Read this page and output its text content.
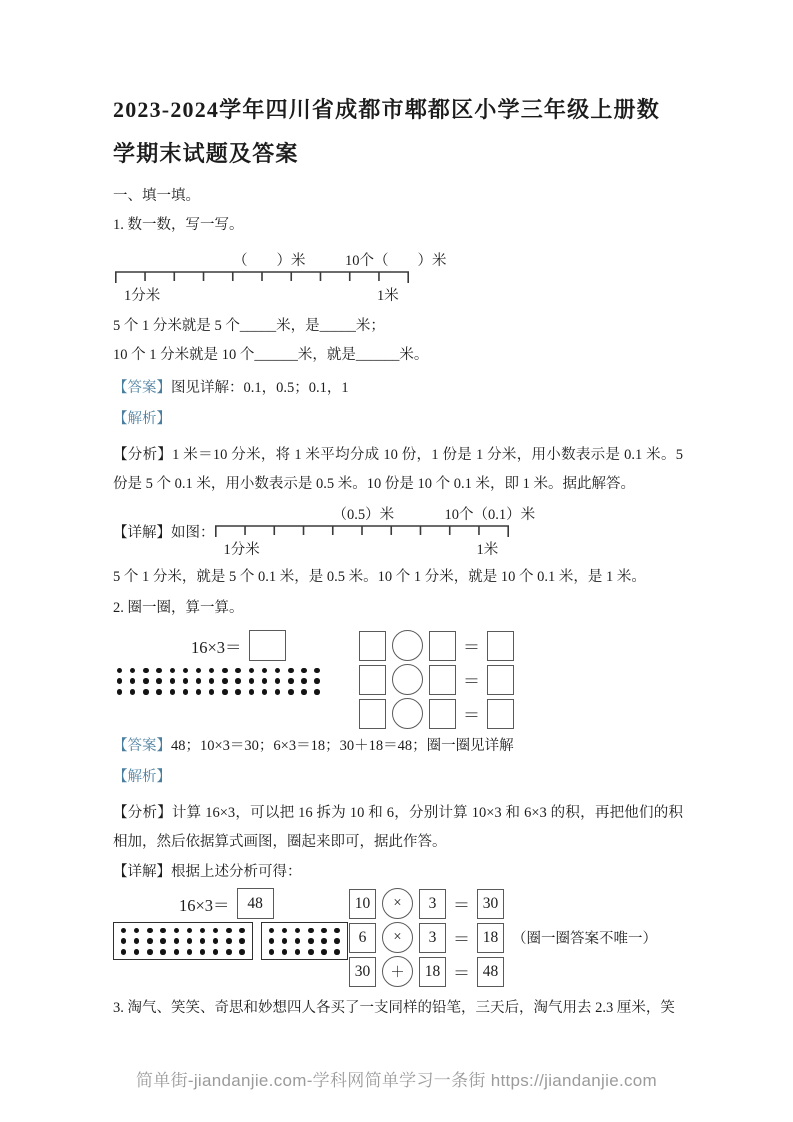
2023-2024学年四川省成都市郫都区小学三年级上册数学期末试题及答案

一、填一填。

1. 数一数，写一写。

（　　）米	10个（　　）米
1分米	1米

5 个 1 分米就是 5 个_____米，是_____米；

10 个 1 分米就是 10 个______米，就是______米。

【答案】图见详解：0.1，0.5；0.1，1

【解析】

【分析】1 米＝10 分米，将 1 米平均分成 10 份，1 份是 1 分米，用小数表示是 0.1 米。5 份是 5 个 0.1 米，用小数表示是 0.5 米。10 份是 10 个 0.1 米，即 1 米。据此解答。

【详解】如图：
（0.5）米	10个（0.1）米
1分米	1米

5 个 1 分米，就是 5 个 0.1 米，是 0.5 米。10 个 1 分米，就是 10 个 0.1 米，是 1 米。

2. 圈一圈，算一算。

16×3＝	＝
＝
＝

【答案】48；10×3＝30；6×3＝18；30＋18＝48；圈一圈见详解

【解析】

【分析】计算 16×3，可以把 16 拆为 10 和 6，分别计算 10×3 和 6×3 的积，再把他们的积相加，然后依据算式画图，圈起来即可，据此作答。

【详解】根据上述分析可得：

16×3＝	48	10	×	3 ＝ 30
6	×	3 ＝ 18 （圈一圈答案不唯一）
30	＋	18 ＝ 48

3. 淘气、笑笑、奇思和妙想四人各买了一支同样的铅笔，三天后，淘气用去 2.3 厘米，笑

简单街-jiandanjie.com-学科网简单学习一条街 https://jiandanjie.com
